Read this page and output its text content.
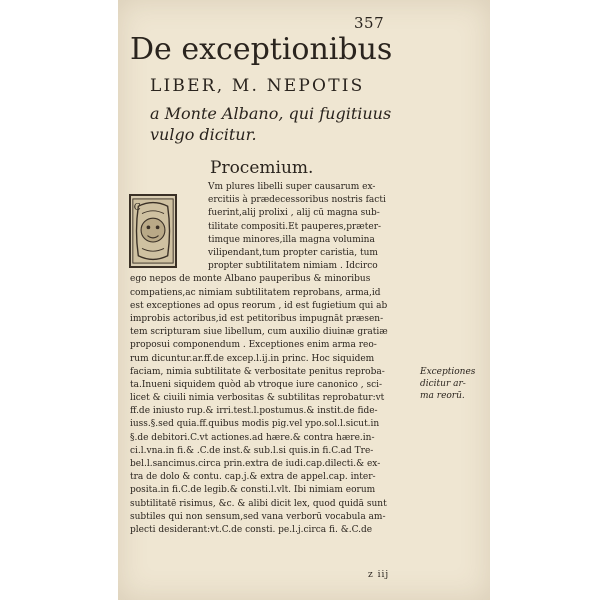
357
De exceptionibus
LIBER, M. NEPOTIS
a Monte Albano, qui fugitiuus
vulgo dicitur.
Procemium.
C
Vm plures libelli super causarum ex-
ercitiis à prædecessoribus nostris facti
fuerint,alij prolixi , alij cū magna sub-
tilitate compositi.Et pauperes,præter-
timque minores,illa magna volumina
vilipendant,tum propter caristia, tum
propter subtilitatem nimiam . Idcirco
ego nepos de monte Albano pauperibus & minoribus
compatiens,ac nimiam subtilitatem reprobans, arma,id
est exceptiones ad opus reorum , id est fugietium qui ab
improbis actoribus,id est petitoribus impugnāt præsen-
tem scripturam siue libellum, cum auxilio diuinæ gratiæ
proposui componendum . Exceptiones enim arma reo-
rum dicuntur.ar.ff.de excep.l.ij.in princ. Hoc siquidem
faciam, nimia subtilitate & verbositate penitus reproba-
ta.Inueni siquidem quòd ab vtroque iure canonico , sci-
licet & ciuili nimia verbositas & subtilitas reprobatur:vt
ff.de iniusto rup.& irri.test.l.postumus.& instit.de fide-
iuss.§.sed quia.ff.quibus modis pig.vel ypo.sol.l.sicut.in
§.de debitori.C.vt actiones.ad hære.& contra hære.in-
ci.l.vna.in fi.& .C.de inst.& sub.l.si quis.in fi.C.ad Tre-
bel.l.sancimus.circa prin.extra de iudi.cap.dilecti.& ex-
tra de dolo & contu. cap.j.& extra de appel.cap. inter-
posita.in fi.C.de legib.& consti.l.vlt. Ibi nimiam eorum
subtilitatē risimus, &c. & alibi dicit lex, quod quidā sunt
subtiles qui non sensum,sed vana verborū vocabula am-
plecti desiderant:vt.C.de consti. pe.l.j.circa fi. &.C.de
Exceptiones
dicitur ar-
ma reorū.
z iij
